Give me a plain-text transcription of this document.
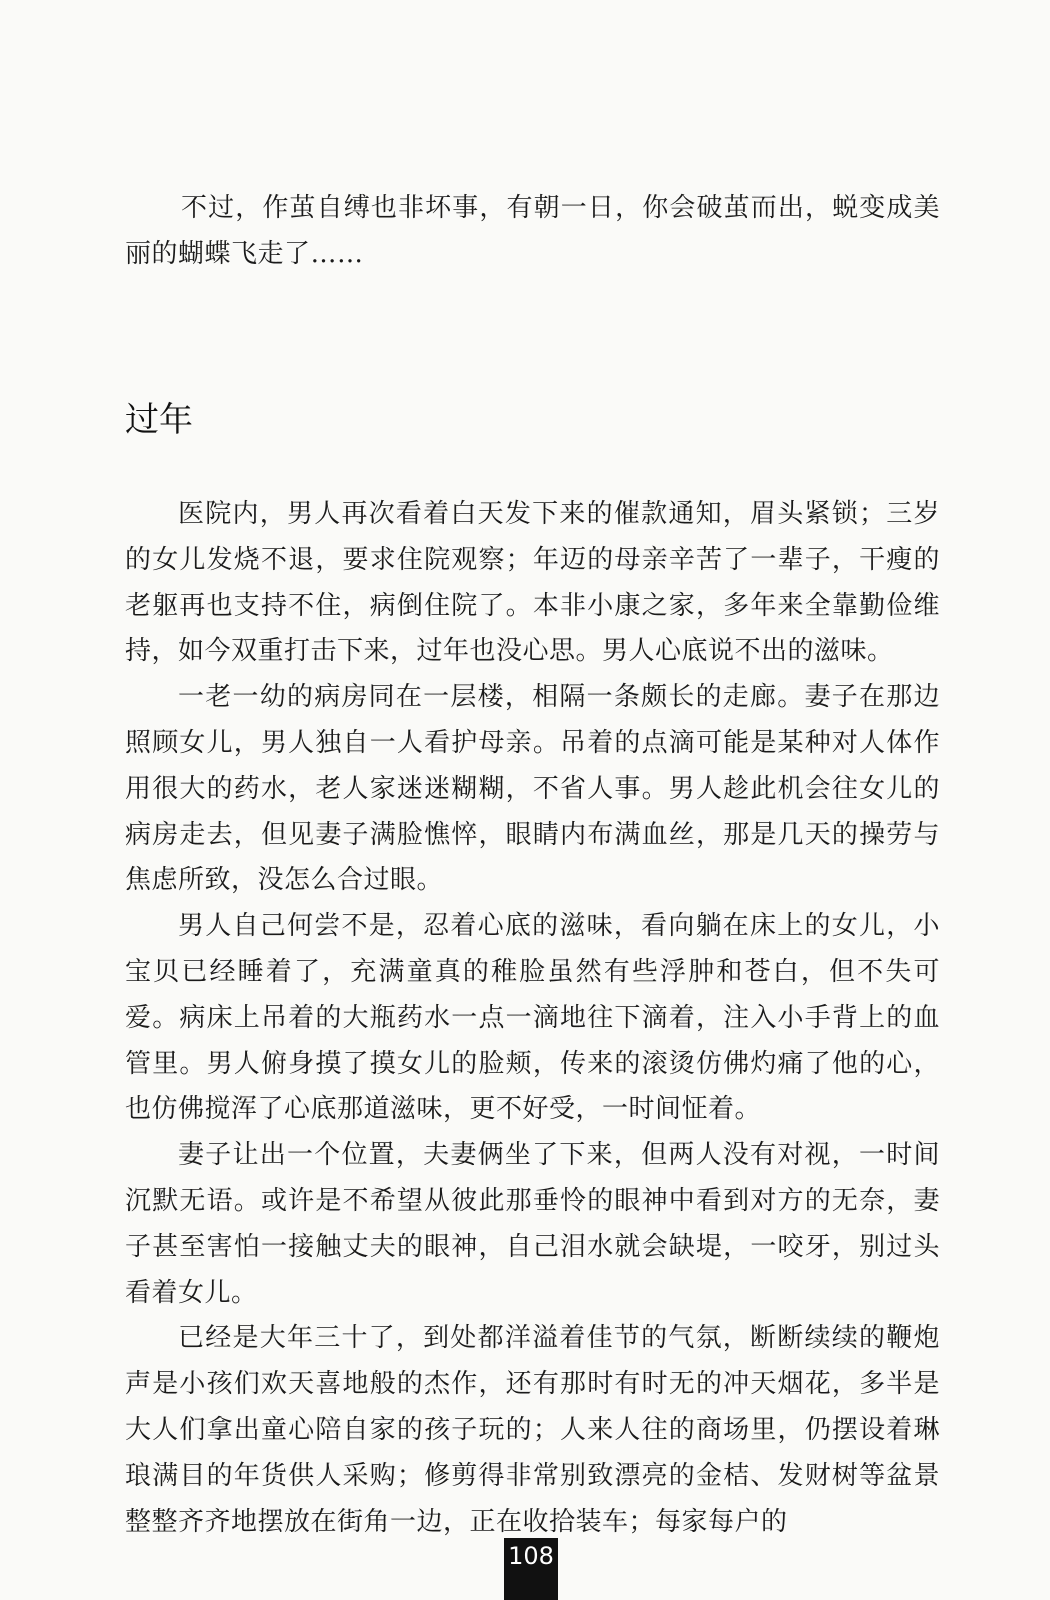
不过，作茧自缚也非坏事，有朝一日，你会破茧而出，蜕变成美丽的蝴蝶飞走了……

过年

医院内，男人再次看着白天发下来的催款通知，眉头紧锁；三岁的女儿发烧不退，要求住院观察；年迈的母亲辛苦了一辈子，干瘦的老躯再也支持不住，病倒住院了。本非小康之家，多年来全靠勤俭维持，如今双重打击下来，过年也没心思。男人心底说不出的滋味。

一老一幼的病房同在一层楼，相隔一条颇长的走廊。妻子在那边照顾女儿，男人独自一人看护母亲。吊着的点滴可能是某种对人体作用很大的药水，老人家迷迷糊糊，不省人事。男人趁此机会往女儿的病房走去，但见妻子满脸憔悴，眼睛内布满血丝，那是几天的操劳与焦虑所致，没怎么合过眼。

男人自己何尝不是，忍着心底的滋味，看向躺在床上的女儿，小宝贝已经睡着了，充满童真的稚脸虽然有些浮肿和苍白，但不失可爱。病床上吊着的大瓶药水一点一滴地往下滴着，注入小手背上的血管里。男人俯身摸了摸女儿的脸颊，传来的滚烫仿佛灼痛了他的心，也仿佛搅浑了心底那道滋味，更不好受，一时间怔着。

妻子让出一个位置，夫妻俩坐了下来，但两人没有对视，一时间沉默无语。或许是不希望从彼此那垂怜的眼神中看到对方的无奈，妻子甚至害怕一接触丈夫的眼神，自己泪水就会缺堤，一咬牙，别过头看着女儿。

已经是大年三十了，到处都洋溢着佳节的气氛，断断续续的鞭炮声是小孩们欢天喜地般的杰作，还有那时有时无的冲天烟花，多半是大人们拿出童心陪自家的孩子玩的；人来人往的商场里，仍摆设着琳琅满目的年货供人采购；修剪得非常别致漂亮的金桔、发财树等盆景整整齐齐地摆放在街角一边，正在收拾装车；每家每户的

108
